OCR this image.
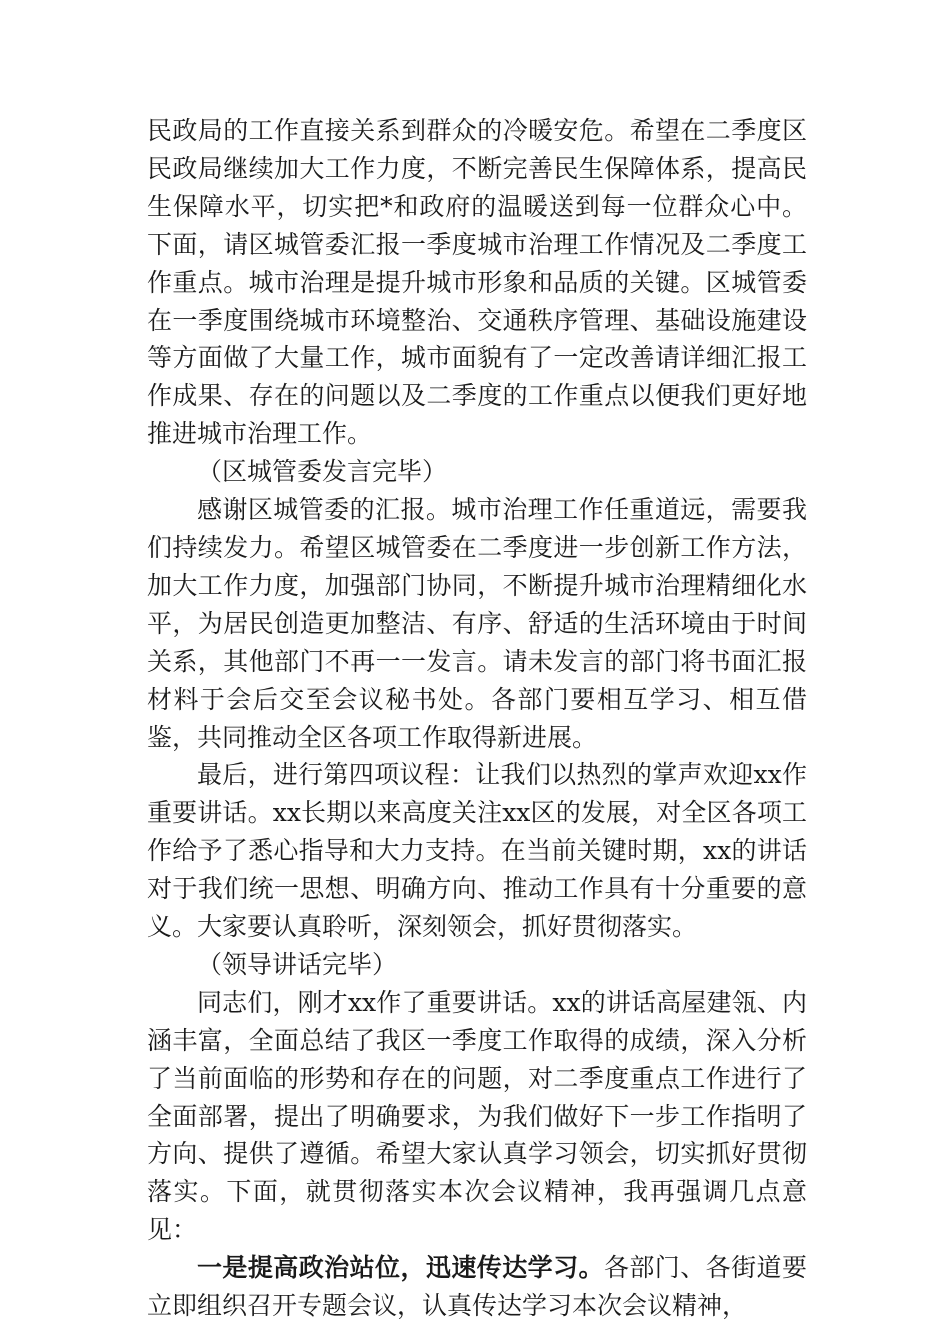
民政局的工作直接关系到群众的冷暖安危。希望在二季度区民政局继续加大工作力度，不断完善民生保障体系，提高民生保障水平，切实把*和政府的温暖送到每一位群众心中。下面，请区城管委汇报一季度城市治理工作情况及二季度工作重点。城市治理是提升城市形象和品质的关键。区城管委在一季度围绕城市环境整治、交通秩序管理、基础设施建设等方面做了大量工作，城市面貌有了一定改善请详细汇报工作成果、存在的问题以及二季度的工作重点以便我们更好地推进城市治理工作。

（区城管委发言完毕）

感谢区城管委的汇报。城市治理工作任重道远，需要我们持续发力。希望区城管委在二季度进一步创新工作方法，加大工作力度，加强部门协同，不断提升城市治理精细化水平，为居民创造更加整洁、有序、舒适的生活环境由于时间关系，其他部门不再一一发言。请未发言的部门将书面汇报材料于会后交至会议秘书处。各部门要相互学习、相互借鉴，共同推动全区各项工作取得新进展。

最后，进行第四项议程：让我们以热烈的掌声欢迎xx作重要讲话。xx长期以来高度关注xx区的发展，对全区各项工作给予了悉心指导和大力支持。在当前关键时期，xx的讲话对于我们统一思想、明确方向、推动工作具有十分重要的意义。大家要认真聆听，深刻领会，抓好贯彻落实。

（领导讲话完毕）

同志们，刚才xx作了重要讲话。xx的讲话高屋建瓴、内涵丰富，全面总结了我区一季度工作取得的成绩，深入分析了当前面临的形势和存在的问题，对二季度重点工作进行了全面部署，提出了明确要求，为我们做好下一步工作指明了方向、提供了遵循。希望大家认真学习领会，切实抓好贯彻落实。下面，就贯彻落实本次会议精神，我再强调几点意见：

一是提高政治站位，迅速传达学习。各部门、各街道要立即组织召开专题会议，认真传达学习本次会议精神，
